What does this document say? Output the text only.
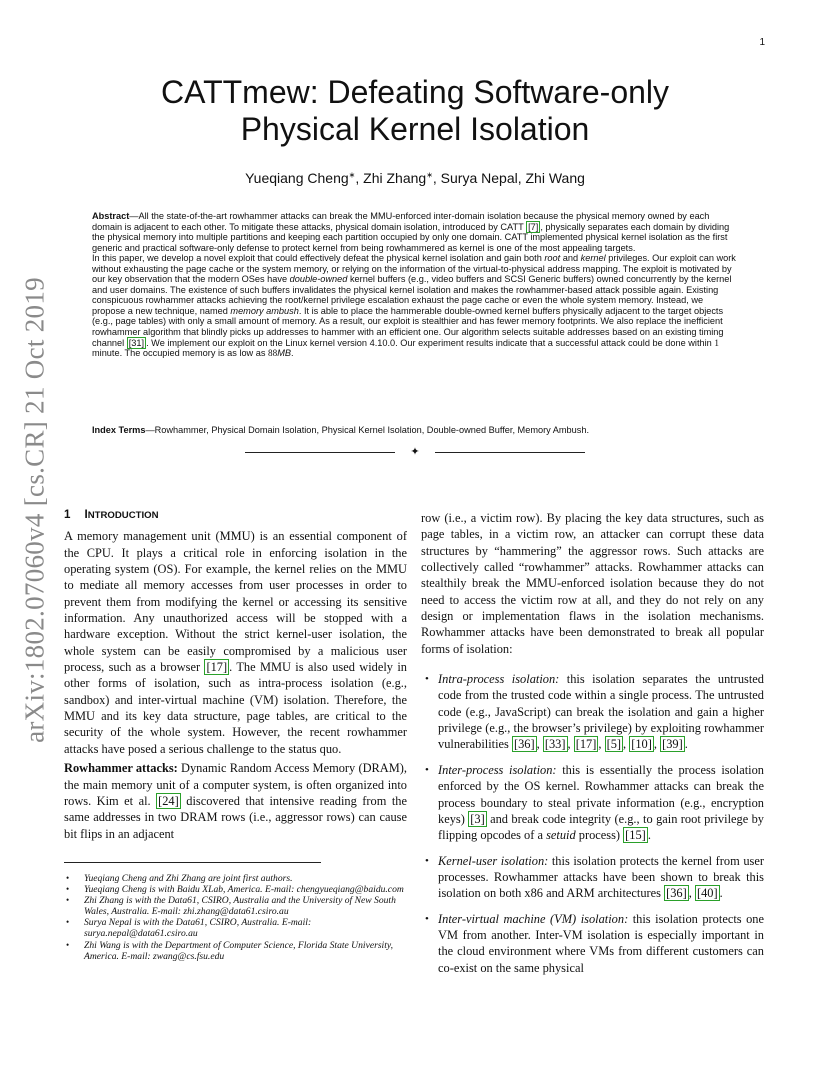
1
arXiv:1802.07060v4 [cs.CR] 21 Oct 2019
CATTmew: Defeating Software-only
Physical Kernel Isolation
Yueqiang Cheng∗, Zhi Zhang∗, Surya Nepal, Zhi Wang

Abstract—All the state-of-the-art rowhammer attacks can break the MMU-enforced inter-domain isolation because the physical memory owned by each domain is adjacent to each other. To mitigate these attacks, physical domain isolation, introduced by CATT [7] , physically separates each domain by dividing the physical memory into multiple partitions and keeping each partition occupied by only one domain. CATT implemented physical kernel isolation as the first generic and practical software-only defense to protect kernel from being rowhammered as kernel is one of the most appealing targets.

In this paper, we develop a novel exploit that could effectively defeat the physical kernel isolation and gain both root and kernel privileges. Our exploit can work without exhausting the page cache or the system memory, or relying on the information of the virtual-to-physical address mapping. The exploit is motivated by our key observation that the modern OSes have double-owned kernel buffers (e.g., video buffers and SCSI Generic buffers) owned concurrently by the kernel and user domains. The existence of such buffers invalidates the physical kernel isolation and makes the rowhammer-based attack possible again. Existing conspicuous rowhammer attacks achieving the root/kernel privilege escalation exhaust the page cache or even the whole system memory. Instead, we propose a new technique, named memory ambush. It is able to place the hammerable double-owned kernel buffers physically adjacent to the target objects (e.g., page tables) with only a small amount of memory. As a result, our exploit is stealthier and has fewer memory footprints. We also replace the inefficient rowhammer algorithm that blindly picks up addresses to hammer with an efficient one. Our algorithm selects suitable addresses based on an existing timing channel [31] . We implement our exploit on the Linux kernel version 4.10.0. Our experiment results indicate that a successful attack could be done within 1 minute. The occupied memory is as low as 88MB.

Index Terms—Rowhammer, Physical Domain Isolation, Physical Kernel Isolation, Double-owned Buffer, Memory Ambush.
✦
1 INTRODUCTION

A memory management unit (MMU) is an essential component of the CPU. It plays a critical role in enforcing isolation in the operating system (OS). For example, the kernel relies on the MMU to mediate all memory accesses from user processes in order to prevent them from modifying the kernel or accessing its sensitive information. Any unauthorized access will be stopped with a hardware exception. Without the strict kernel-user isolation, the whole system can be easily compromised by a malicious user process, such as a browser [17] . The MMU is also used widely in other forms of isolation, such as intra-process isolation (e.g., sandbox) and inter-virtual machine (VM) isolation. Therefore, the MMU and its key data structure, page tables, are critical to the security of the whole system. However, the recent rowhammer attacks have posed a serious challenge to the status quo.

Rowhammer attacks: Dynamic Random Access Memory (DRAM), the main memory unit of a computer system, is often organized into rows. Kim et al. [24] discovered that intensive reading from the same addresses in two DRAM rows (i.e., aggressor rows) can cause bit flips in an adjacent

• Yueqiang Cheng and Zhi Zhang are joint first authors.
• Yueqiang Cheng is with Baidu XLab, America. E-mail: chengyueqiang@baidu.com
• Zhi Zhang is with the Data61, CSIRO, Australia and the University of New South Wales, Australia. E-mail: zhi.zhang@data61.csiro.au
• Surya Nepal is with the Data61, CSIRO, Australia. E-mail: surya.nepal@data61.csiro.au
• Zhi Wang is with the Department of Computer Science, Florida State University, America. E-mail: zwang@cs.fsu.edu

row (i.e., a victim row). By placing the key data structures, such as page tables, in a victim row, an attacker can corrupt these data structures by “hammering” the aggressor rows. Such attacks are collectively called “rowhammer” attacks. Rowhammer attacks can stealthily break the MMU-enforced isolation because they do not need to access the victim row at all, and they do not rely on any design or implementation flaws in the isolation mechanisms. Rowhammer attacks have been demonstrated to break all popular forms of isolation:

• Intra-process isolation: this isolation separates the untrusted code from the trusted code within a single process. The untrusted code (e.g., JavaScript) can break the isolation and gain a higher privilege (e.g., the browser’s privilege) by exploiting rowhammer vulnerabilities [36] , [33] , [17] , [5] , [10] , [39] .
• Inter-process isolation: this is essentially the process isolation enforced by the OS kernel. Rowhammer attacks can break the process boundary to steal private information (e.g., encryption keys) [3] and break code integrity (e.g., to gain root privilege by flipping opcodes of a setuid process) [15] .
• Kernel-user isolation: this isolation protects the kernel from user processes. Rowhammer attacks have been shown to break this isolation on both x86 and ARM architectures [36] , [40] .
• Inter-virtual machine (VM) isolation: this isolation protects one VM from another. Inter-VM isolation is especially important in the cloud environment where VMs from different customers can co-exist on the same physical
